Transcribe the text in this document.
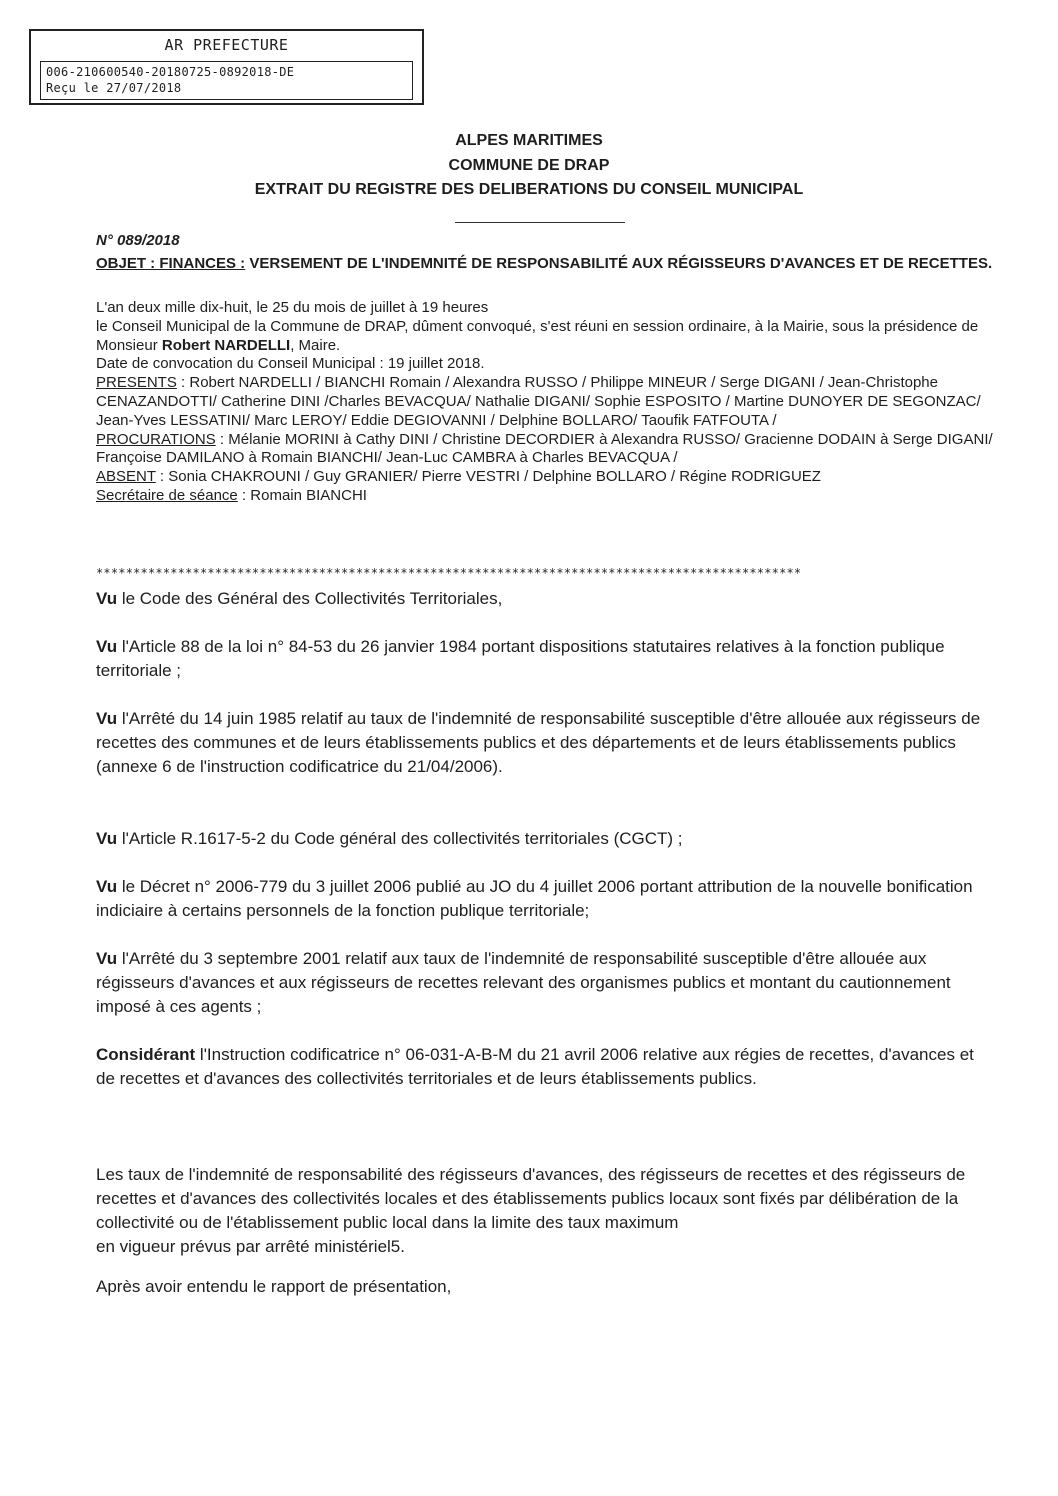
AR PREFECTURE
006-210600540-20180725-0892018-DE
Reçu le 27/07/2018
ALPES MARITIMES
COMMUNE DE DRAP
EXTRAIT DU REGISTRE DES DELIBERATIONS DU CONSEIL MUNICIPAL
N° 089/2018
OBJET : FINANCES : VERSEMENT DE L'INDEMNITÉ DE RESPONSABILITÉ AUX RÉGISSEURS D'AVANCES ET DE RECETTES.

L'an deux mille dix-huit, le 25 du mois de juillet à 19 heures

le Conseil Municipal de la Commune de DRAP, dûment convoqué, s'est réuni en session ordinaire, à la Mairie, sous la présidence de Monsieur Robert NARDELLI, Maire.

Date de convocation du Conseil Municipal : 19 juillet 2018.

PRESENTS : Robert NARDELLI / BIANCHI Romain / Alexandra RUSSO / Philippe MINEUR / Serge DIGANI / Jean-Christophe CENAZANDOTTI/ Catherine DINI /Charles BEVACQUA/ Nathalie DIGANI/ Sophie ESPOSITO / Martine DUNOYER DE SEGONZAC/ Jean-Yves LESSATINI/ Marc LEROY/ Eddie DEGIOVANNI / Delphine BOLLARO/ Taoufik FATFOUTA /

PROCURATIONS : Mélanie MORINI à Cathy DINI / Christine DECORDIER à Alexandra RUSSO/ Gracienne DODAIN à Serge DIGANI/ Françoise DAMILANO à Romain BIANCHI/ Jean-Luc CAMBRA à Charles BEVACQUA /

ABSENT : Sonia CHAKROUNI / Guy GRANIER/ Pierre VESTRI / Delphine BOLLARO / Régine RODRIGUEZ

Secrétaire de séance : Romain BIANCHI

***********************************************************************************************

Vu le Code des Général des Collectivités Territoriales,

Vu l'Article 88 de la loi n° 84-53 du 26 janvier 1984 portant dispositions statutaires relatives à la fonction publique territoriale ;

Vu l'Arrêté du 14 juin 1985 relatif au taux de l'indemnité de responsabilité susceptible d'être allouée aux régisseurs de recettes des communes et de leurs établissements publics et des départements et de leurs établissements publics (annexe 6 de l'instruction codificatrice du 21/04/2006).

Vu l'Article R.1617-5-2 du Code général des collectivités territoriales (CGCT) ;

Vu le Décret n° 2006-779 du 3 juillet 2006 publié au JO du 4 juillet 2006 portant attribution de la nouvelle bonification indiciaire à certains personnels de la fonction publique territoriale;

Vu l'Arrêté du 3 septembre 2001 relatif aux taux de l'indemnité de responsabilité susceptible d'être allouée aux régisseurs d'avances et aux régisseurs de recettes relevant des organismes publics et montant du cautionnement imposé à ces agents ;

Considérant l'Instruction codificatrice n° 06-031-A-B-M du 21 avril 2006 relative aux régies de recettes, d'avances et de recettes et d'avances des collectivités territoriales et de leurs établissements publics.

Les taux de l'indemnité de responsabilité des régisseurs d'avances, des régisseurs de recettes et des régisseurs de recettes et d'avances des collectivités locales et des établissements publics locaux sont fixés par délibération de la collectivité ou de l'établissement public local dans la limite des taux maximum

en vigueur prévus par arrêté ministériel5.

Après avoir entendu le rapport de présentation,
